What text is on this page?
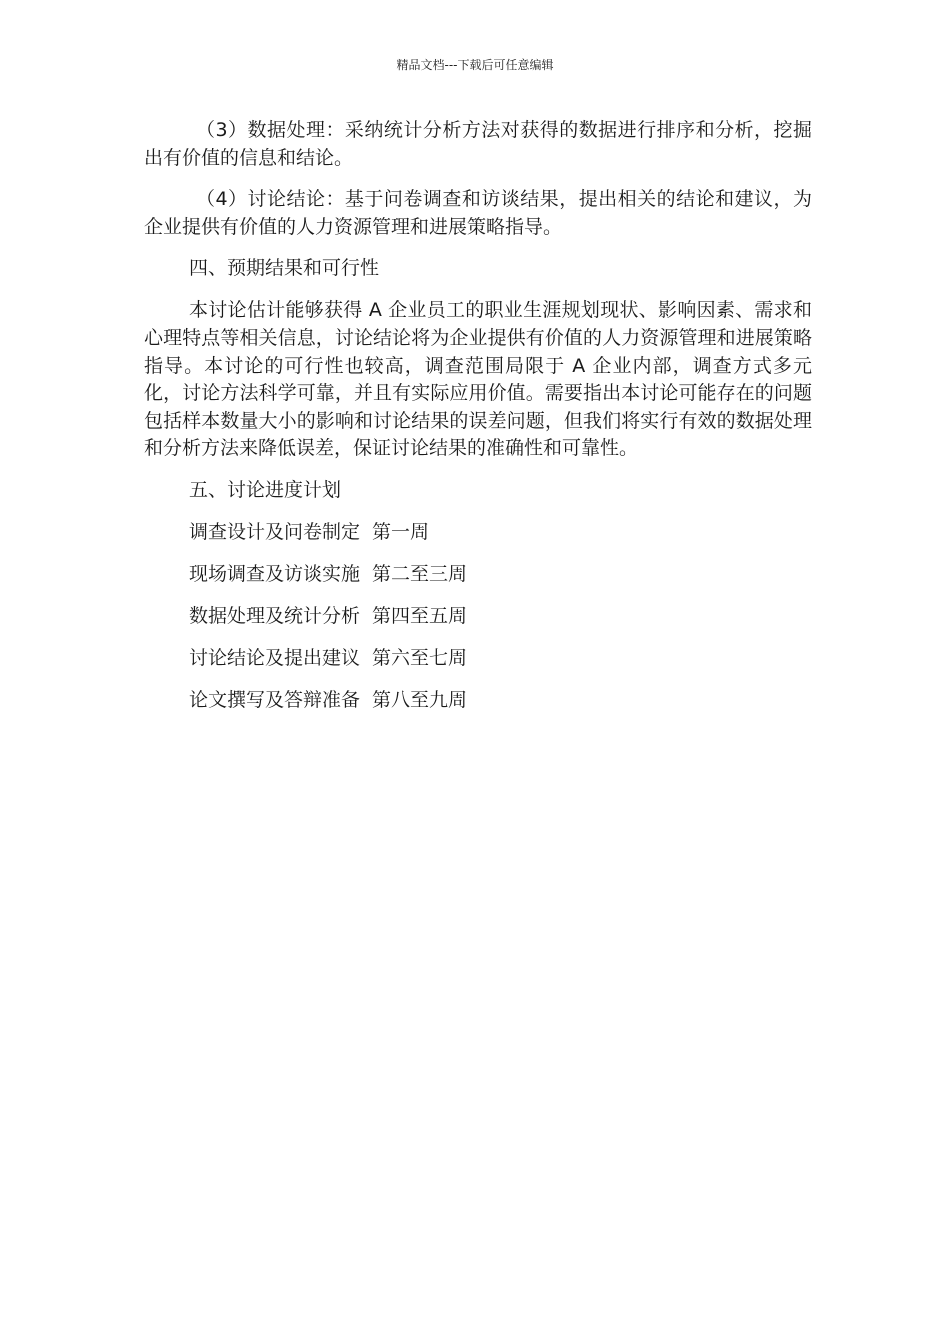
精品文档---下载后可任意编辑

（3）数据处理：采纳统计分析方法对获得的数据进行排序和分析，挖掘出有价值的信息和结论。

（4）讨论结论：基于问卷调查和访谈结果，提出相关的结论和建议，为企业提供有价值的人力资源管理和进展策略指导。

四、预期结果和可行性

本讨论估计能够获得 A 企业员工的职业生涯规划现状、影响因素、需求和心理特点等相关信息，讨论结论将为企业提供有价值的人力资源管理和进展策略指导。本讨论的可行性也较高，调查范围局限于 A 企业内部，调查方式多元化，讨论方法科学可靠，并且有实际应用价值。需要指出本讨论可能存在的问题包括样本数量大小的影响和讨论结果的误差问题，但我们将实行有效的数据处理和分析方法来降低误差，保证讨论结果的准确性和可靠性。

五、讨论进度计划

调查设计及问卷制定 第一周
现场调查及访谈实施 第二至三周
数据处理及统计分析 第四至五周
讨论结论及提出建议 第六至七周
论文撰写及答辩准备 第八至九周
